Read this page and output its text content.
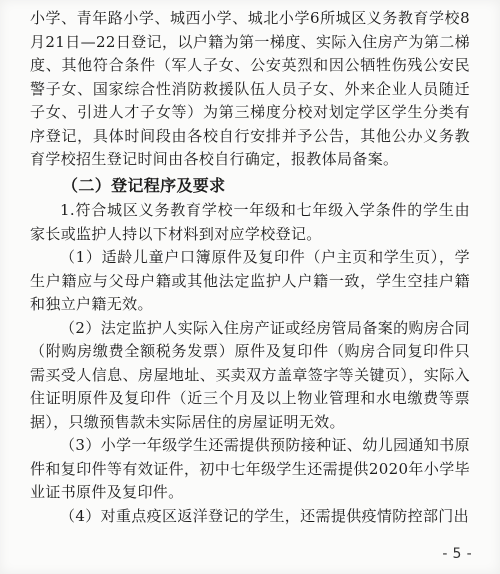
小学、青年路小学、城西小学、城北小学6所城区义务教育学校8月21日—22日登记，以户籍为第一梯度、实际入住房产为第二梯度、其他符合条件（军人子女、公安英烈和因公牺牲伤残公安民警子女、国家综合性消防救援队伍人员子女、外来企业人员随迁子女、引进人才子女等）为第三梯度分校对划定学区学生分类有序登记，具体时间段由各校自行安排并予公告，其他公办义务教育学校招生登记时间由各校自行确定，报教体局备案。

（二）登记程序及要求

1.符合城区义务教育学校一年级和七年级入学条件的学生由家长或监护人持以下材料到对应学校登记。

（1）适龄儿童户口簿原件及复印件（户主页和学生页），学生户籍应与父母户籍或其他法定监护人户籍一致，学生空挂户籍和独立户籍无效。

（2）法定监护人实际入住房产证或经房管局备案的购房合同（附购房缴费全额税务发票）原件及复印件（购房合同复印件只需买受人信息、房屋地址、买卖双方盖章签字等关键页），实际入住证明原件及复印件（近三个月及以上物业管理和水电缴费等票据），只缴预售款未实际居住的房屋证明无效。

（3）小学一年级学生还需提供预防接种证、幼儿园通知书原件和复印件等有效证件，初中七年级学生还需提供2020年小学毕业证书原件及复印件。

（4）对重点疫区返洋登记的学生，还需提供疫情防控部门出

- 5 -
